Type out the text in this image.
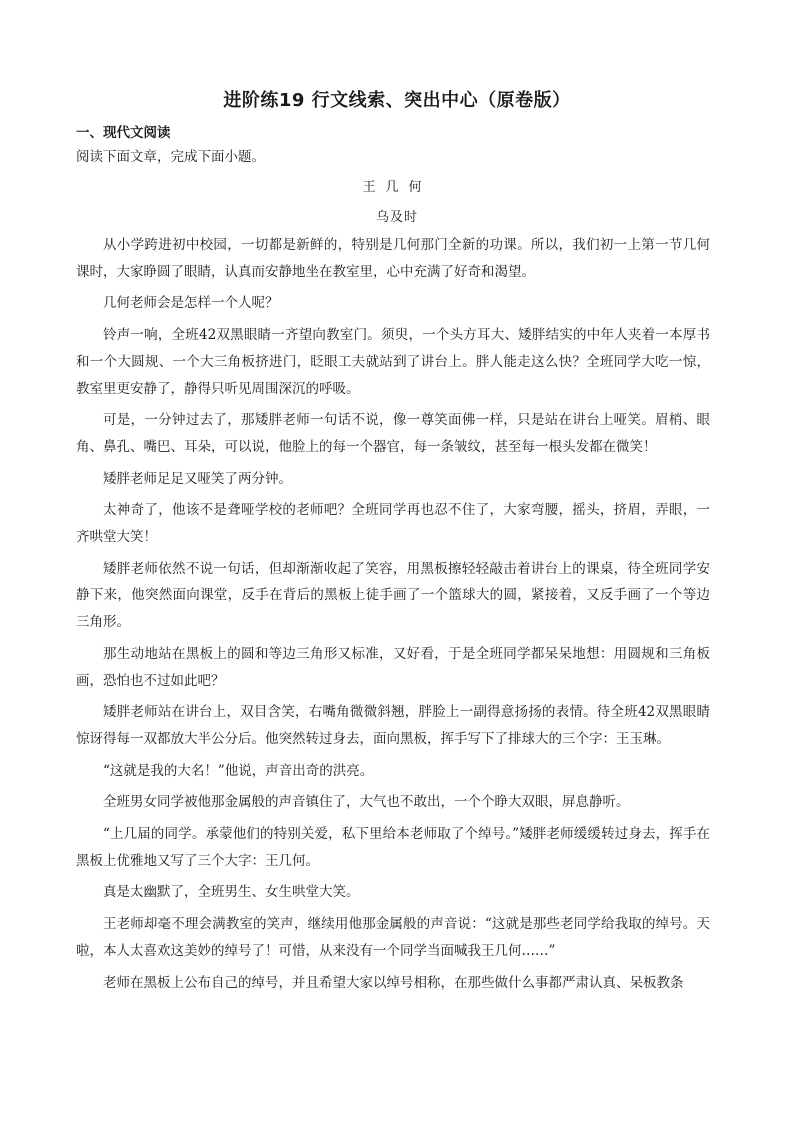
进阶练19 行文线索、突出中心（原卷版）
一、现代文阅读
阅读下面文章，完成下面小题。
王几何
乌及时

从小学跨进初中校园，一切都是新鲜的，特别是几何那门全新的功课。所以，我们初一上第一节几何课时，大家睁圆了眼睛，认真而安静地坐在教室里，心中充满了好奇和渴望。

几何老师会是怎样一个人呢？

铃声一响，全班42双黑眼睛一齐望向教室门。须臾，一个头方耳大、矮胖结实的中年人夹着一本厚书和一个大圆规、一个大三角板挤进门，眨眼工夫就站到了讲台上。胖人能走这么快？全班同学大吃一惊，教室里更安静了，静得只听见周围深沉的呼吸。

可是，一分钟过去了，那矮胖老师一句话不说，像一尊笑面佛一样，只是站在讲台上哑笑。眉梢、眼角、鼻孔、嘴巴、耳朵，可以说，他脸上的每一个器官，每一条皱纹，甚至每一根头发都在微笑！

矮胖老师足足又哑笑了两分钟。

太神奇了，他该不是聋哑学校的老师吧？全班同学再也忍不住了，大家弯腰，摇头，挤眉，弄眼，一齐哄堂大笑！

矮胖老师依然不说一句话，但却渐渐收起了笑容，用黑板擦轻轻敲击着讲台上的课桌，待全班同学安静下来，他突然面向课堂，反手在背后的黑板上徒手画了一个篮球大的圆，紧接着，又反手画了一个等边三角形。

那生动地站在黑板上的圆和等边三角形又标准，又好看，于是全班同学都呆呆地想：用圆规和三角板画，恐怕也不过如此吧？

矮胖老师站在讲台上，双目含笑，右嘴角微微斜翘，胖脸上一副得意扬扬的表情。待全班42双黑眼睛惊讶得每一双都放大半公分后。他突然转过身去，面向黑板，挥手写下了排球大的三个字：王玉琳。

“这就是我的大名！”他说，声音出奇的洪亮。

全班男女同学被他那金属般的声音镇住了，大气也不敢出，一个个睁大双眼，屏息静听。

“上几届的同学。承蒙他们的特别关爱，私下里给本老师取了个绰号。”矮胖老师缓缓转过身去，挥手在黑板上优雅地又写了三个大字：王几何。

真是太幽默了，全班男生、女生哄堂大笑。

王老师却毫不理会满教室的笑声，继续用他那金属般的声音说：“这就是那些老同学给我取的绰号。天啦，本人太喜欢这美妙的绰号了！可惜，从来没有一个同学当面喊我王几何……”

老师在黑板上公布自己的绰号，并且希望大家以绰号相称，在那些做什么事都严肃认真、呆板教条
